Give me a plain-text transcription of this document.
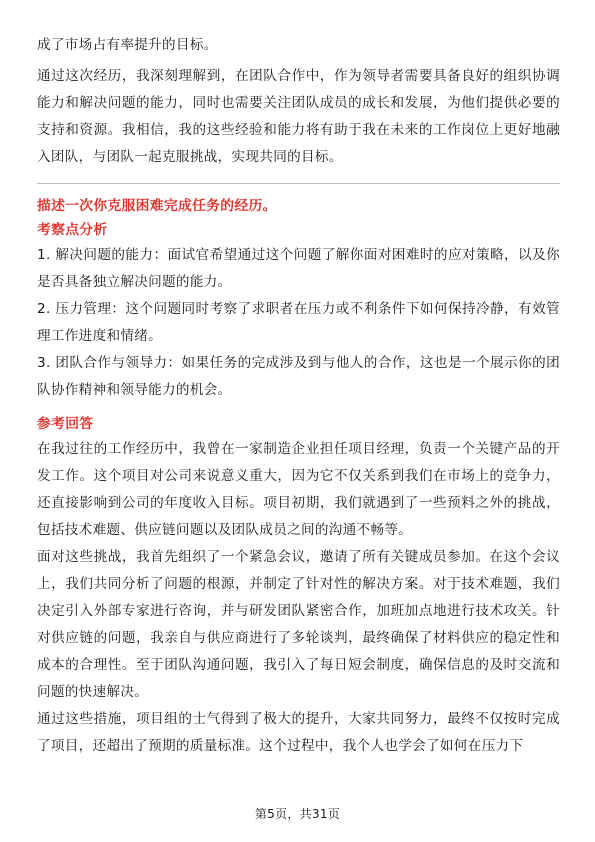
成了市场占有率提升的目标。

通过这次经历，我深刻理解到，在团队合作中，作为领导者需要具备良好的组织协调能力和解决问题的能力，同时也需要关注团队成员的成长和发展，为他们提供必要的支持和资源。我相信，我的这些经验和能力将有助于我在未来的工作岗位上更好地融入团队，与团队一起克服挑战，实现共同的目标。

描述一次你克服困难完成任务的经历。
考察点分析

1. 解决问题的能力：面试官希望通过这个问题了解你面对困难时的应对策略，以及你是否具备独立解决问题的能力。

2. 压力管理：这个问题同时考察了求职者在压力或不利条件下如何保持冷静，有效管理工作进度和情绪。

3. 团队合作与领导力：如果任务的完成涉及到与他人的合作，这也是一个展示你的团队协作精神和领导能力的机会。

参考回答

在我过往的工作经历中，我曾在一家制造企业担任项目经理，负责一个关键产品的开发工作。这个项目对公司来说意义重大，因为它不仅关系到我们在市场上的竞争力，还直接影响到公司的年度收入目标。项目初期，我们就遇到了一些预料之外的挑战，包括技术难题、供应链问题以及团队成员之间的沟通不畅等。

面对这些挑战，我首先组织了一个紧急会议，邀请了所有关键成员参加。在这个会议上，我们共同分析了问题的根源，并制定了针对性的解决方案。对于技术难题，我们决定引入外部专家进行咨询，并与研发团队紧密合作，加班加点地进行技术攻关。针对供应链的问题，我亲自与供应商进行了多轮谈判，最终确保了材料供应的稳定性和成本的合理性。至于团队沟通问题，我引入了每日短会制度，确保信息的及时交流和问题的快速解决。

通过这些措施，项目组的士气得到了极大的提升，大家共同努力，最终不仅按时完成了项目，还超出了预期的质量标准。这个过程中，我个人也学会了如何在压力下

第5页，共31页
